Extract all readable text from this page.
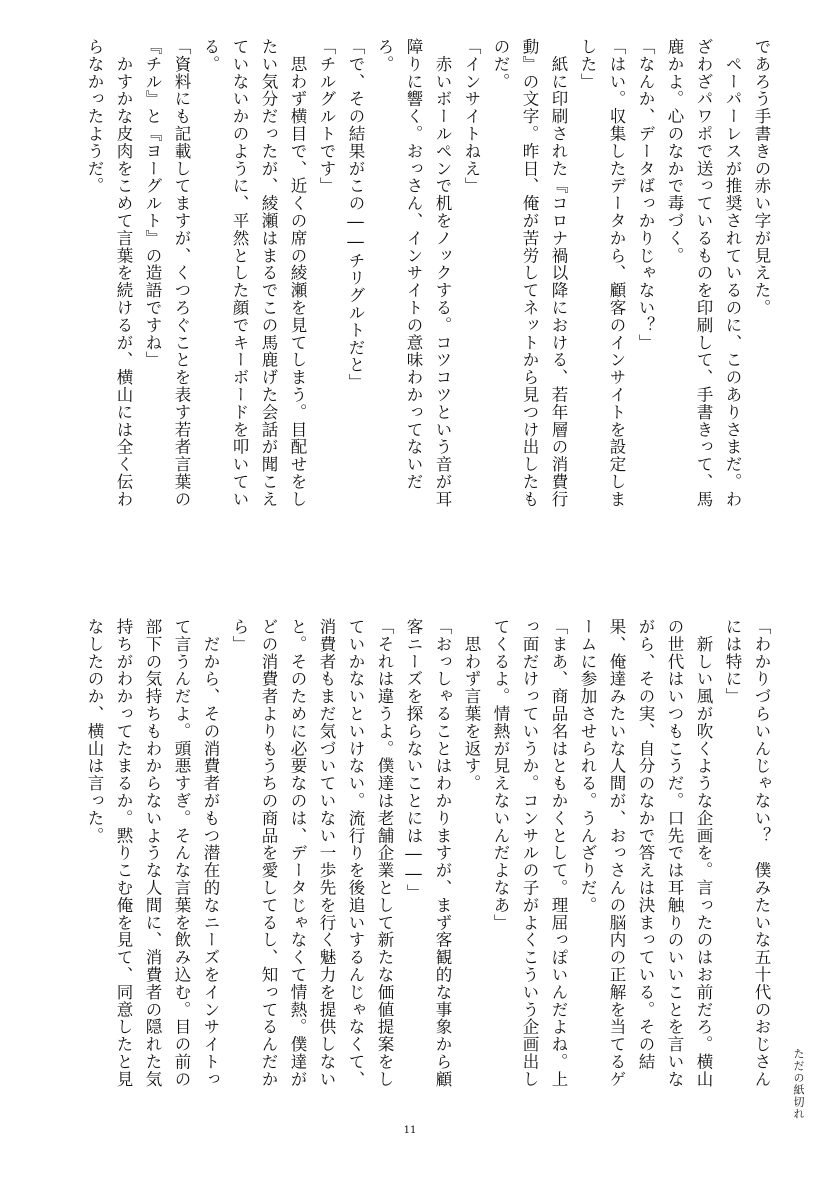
であろう手書きの赤い字が見えた。

　ペーパーレスが推奨されているのに、このありさまだ。わ

ざわざパワポで送っているものを印刷して、手書きって、馬

鹿かよ。心のなかで毒づく。

「なんか、データばっかりじゃない？」

「はい。収集したデータから、顧客のインサイトを設定しま

した」

　紙に印刷された『コロナ禍以降における、若年層の消費行

動』の文字。昨日、俺が苦労してネットから見つけ出したも

のだ。

「インサイトねえ」

　赤いボールペンで机をノックする。コツコツという音が耳

障りに響く。おっさん、インサイトの意味わかってないだ

ろ。

「で、その結果がこの――チリグルトだと」

「チルグルトです」

　思わず横目で、近くの席の綾瀬を見てしまう。目配せをし

たい気分だったが、綾瀬はまるでこの馬鹿げた会話が聞こえ

ていないかのように、平然とした顔でキーボードを叩いてい

る。

「資料にも記載してますが、くつろぐことを表す若者言葉の

『チル』と『ヨーグルト』の造語ですね」

　かすかな皮肉をこめて言葉を続けるが、横山には全く伝わ

らなかったようだ。

「わかりづらいんじゃない？　僕みたいな五十代のおじさん

には特に」

　新しい風が吹くような企画を。言ったのはお前だろ。横山

の世代はいつもこうだ。口先では耳触りのいいことを言いな

がら、その実、自分のなかで答えは決まっている。その結

果、俺達みたいな人間が、おっさんの脳内の正解を当てるゲ

ームに参加させられる。うんざりだ。

「まあ、商品名はともかくとして。理屈っぽいんだよね。上

っ面だけっていうか。コンサルの子がよくこういう企画出し

てくるよ。情熱が見えないんだよなあ」

　思わず言葉を返す。

「おっしゃることはわかりますが、まず客観的な事象から顧

客ニーズを探らないことには――」

「それは違うよ。僕達は老舗企業として新たな価値提案をし

ていかないといけない。流行りを後追いするんじゃなくて、

消費者もまだ気づいていない一歩先を行く魅力を提供しない

と。そのために必要なのは、データじゃなくて情熱。僕達が

どの消費者よりもうちの商品を愛してるし、知ってるんだか

ら」

　だから、その消費者がもつ潜在的なニーズをインサイトっ

て言うんだよ。頭悪すぎ。そんな言葉を飲み込む。目の前の

部下の気持ちもわからないような人間に、消費者の隠れた気

持ちがわかってたまるか。黙りこむ俺を見て、同意したと見

なしたのか、横山は言った。

ただの紙切れ
11
